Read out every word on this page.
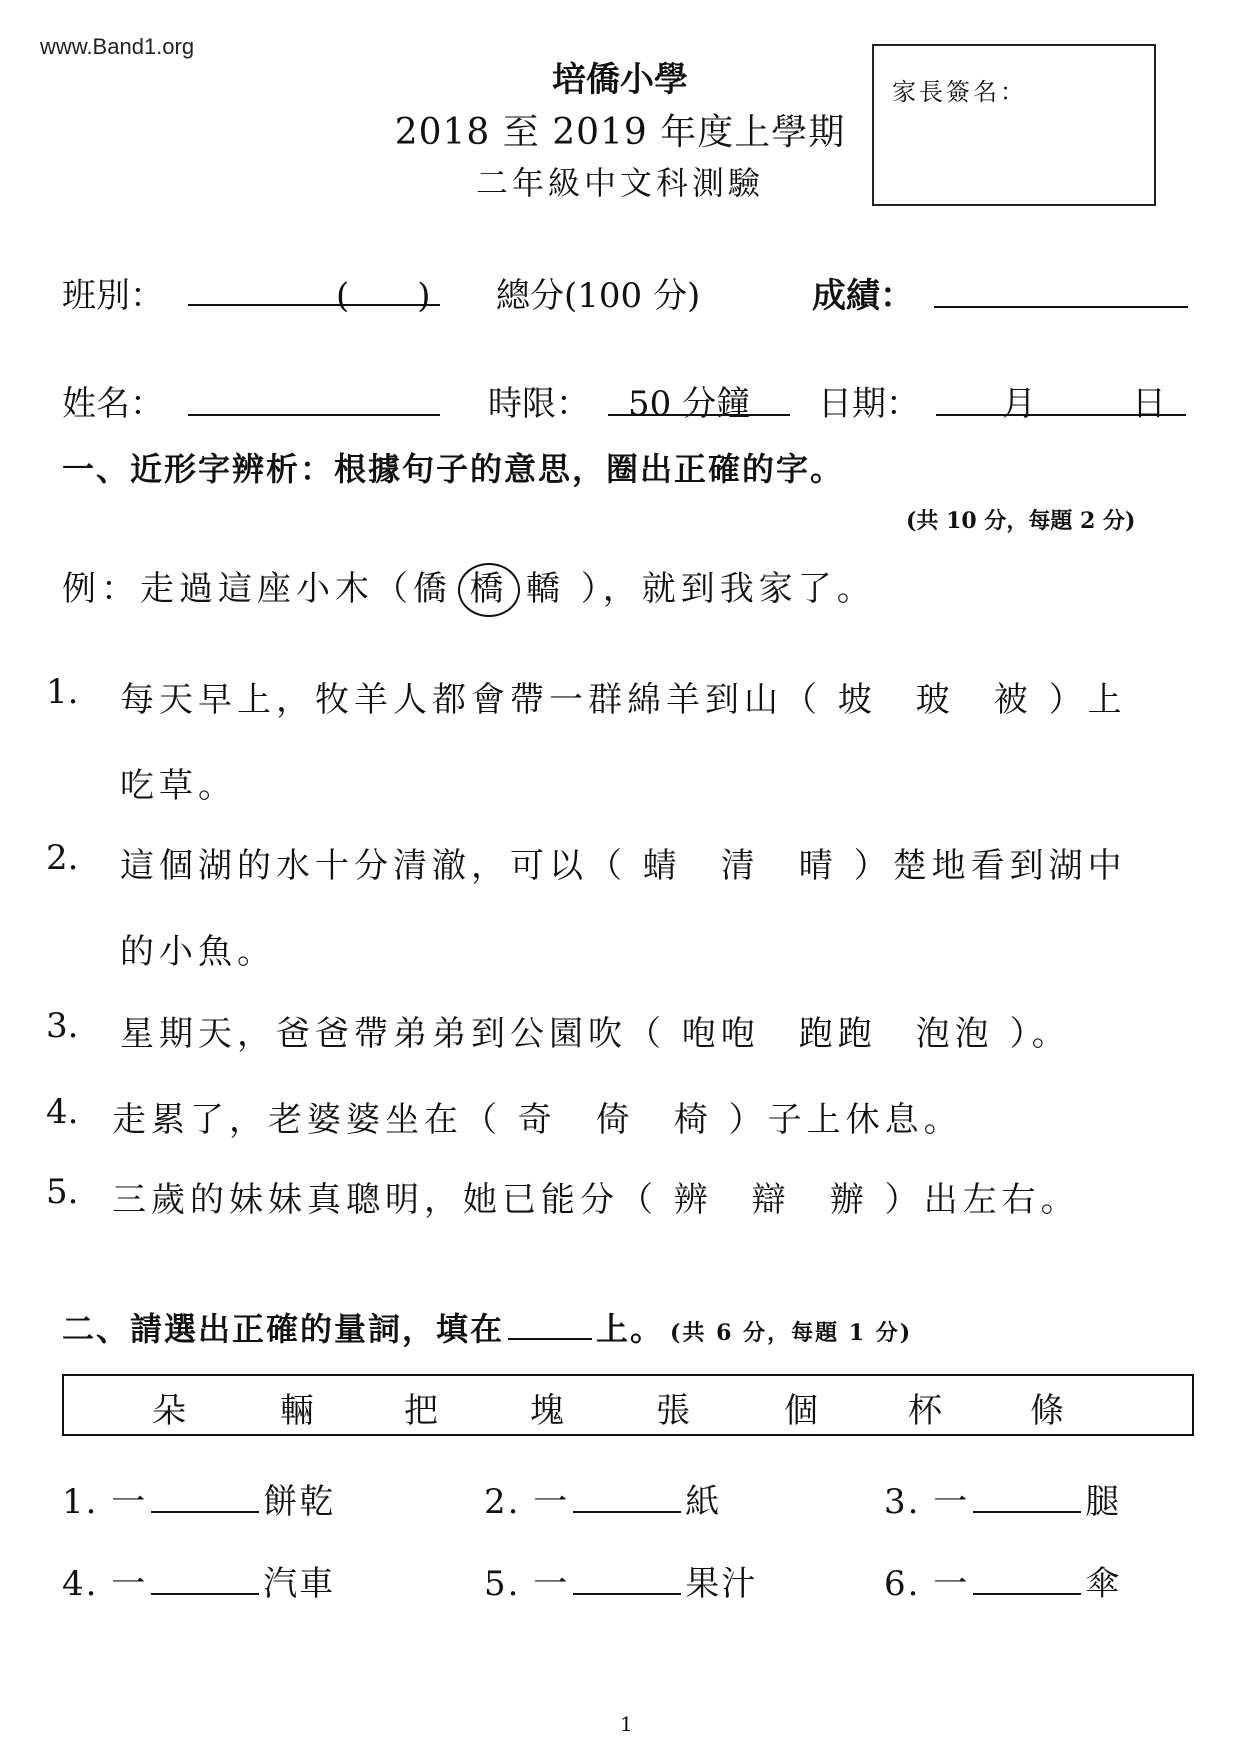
www.Band1.org
培僑小學
2018 至 2019 年度上學期
二年級中文科測驗
家長簽名：
班別：	(　　) 總分(100 分)	成績：
姓名：	時限： 50 分鐘 日期： 月	日
一、近形字辨析：根據句子的意思，圈出正確的字。
(共 10 分，每題 2 分)
例：走過這座小木（僑 橋 轎 ），就到我家了。
1. 每天早上，牧羊人都會帶一群綿羊到山（ 坡　玻　被 ）上
吃草。
2. 這個湖的水十分清澈，可以（ 蜻　清　晴 ）楚地看到湖中
的小魚。
3. 星期天，爸爸帶弟弟到公園吹（ 咆咆　跑跑　泡泡 ）。
4. 走累了，老婆婆坐在（ 奇　倚　椅 ）子上休息。
5. 三歲的妹妹真聰明，她已能分（ 辨　辯　辦 ）出左右。
二、請選出正確的量詞，填在	上。 (共 6 分，每題 1 分)
朵	輛	把	塊	張	個	杯	條
1. 一	餅乾	2. 一	紙	3. 一	腿
4. 一	汽車	5. 一	果汁	6. 一	傘
1
